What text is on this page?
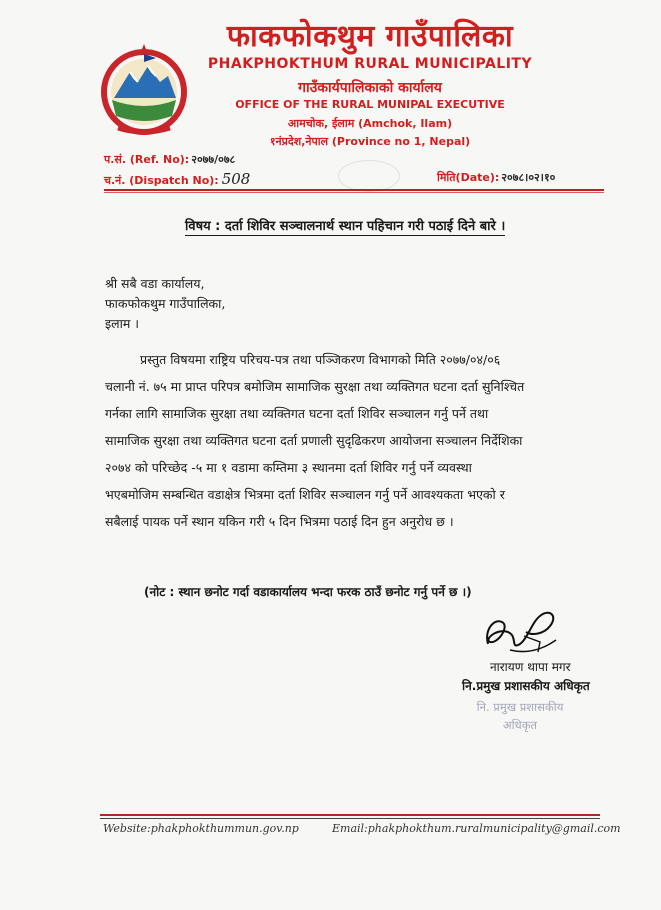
फाकफोकथुम गाउँपालिका
PHAKPHOKTHUM RURAL MUNICIPALITY
गाउँकार्यपालिकाको कार्यालय
OFFICE OF THE RURAL MUNIPAL EXECUTIVE
आमचोक, ईलाम (Amchok, Ilam)
१नंप्रदेश,नेपाल (Province no 1, Nepal)
प.सं. (Ref. No): २०७७/०७८
च.नं. (Dispatch No): 508	मिति(Date): २०७८।०२।१०
विषय : दर्ता शिविर सञ्चालनार्थ स्थान पहिचान गरी पठाई दिने बारे ।
श्री सबै वडा कार्यालय,
फाकफोकथुम गाउँपालिका,
इलाम ।
प्रस्तुत विषयमा राष्ट्रिय परिचय-पत्र तथा पञ्जिकरण विभागको मिति २०७७/०४/०६
चलानी नं. ७५ मा प्राप्त परिपत्र बमोजिम सामाजिक सुरक्षा तथा व्यक्तिगत घटना दर्ता सुनिश्चित
गर्नका लागि सामाजिक सुरक्षा तथा व्यक्तिगत घटना दर्ता शिविर सञ्चालन गर्नु पर्ने तथा
सामाजिक सुरक्षा तथा व्यक्तिगत घटना दर्ता प्रणाली सुदृढिकरण आयोजना सञ्चालन निर्देशिका
२०७४ को परिच्छेद -५ मा १ वडामा कम्तिमा ३ स्थानमा दर्ता शिविर गर्नु पर्ने व्यवस्था
भएबमोजिम सम्बन्धित वडाक्षेत्र भित्रमा दर्ता शिविर सञ्चालन गर्नु पर्ने आवश्यकता भएको र
सबैलाई पायक पर्ने स्थान यकिन गरी ५ दिन भित्रमा पठाई दिन हुन अनुरोध छ ।
(नोट : स्थान छनोट गर्दा वडाकार्यालय भन्दा फरक ठाउँ छनोट गर्नु पर्ने छ ।)
नारायण थापा मगर
नि.प्रमुख प्रशासकीय अधिकृत
नि. प्रमुख प्रशासकीय
अधिकृत
Website:phakphokthummun.gov.np	Email:phakphokthum.ruralmunicipality@gmail.com
